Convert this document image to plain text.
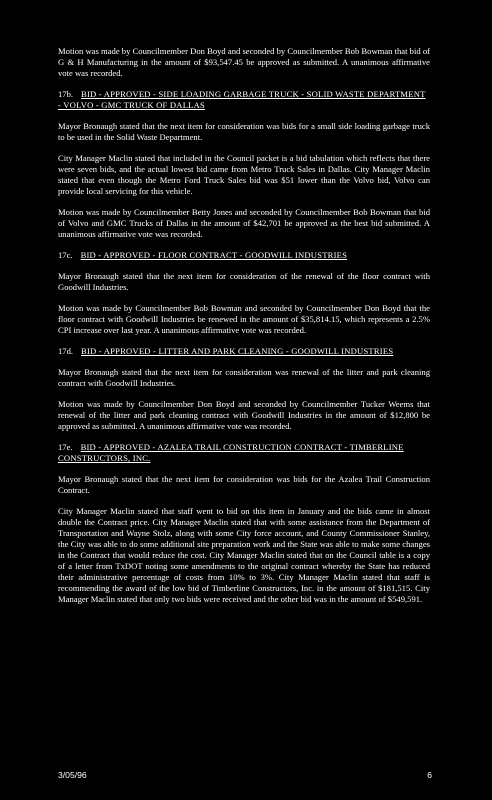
Motion was made by Councilmember Don Boyd and seconded by Councilmember Bob Bowman that bid of G & H Manufacturing in the amount of $93,547.45 be approved as submitted. A unanimous affirmative vote was recorded.

17b. BID - APPROVED - SIDE LOADING GARBAGE TRUCK - SOLID WASTE DEPARTMENT - VOLVO - GMC TRUCK OF DALLAS

Mayor Bronaugh stated that the next item for consideration was bids for a small side loading garbage truck to be used in the Solid Waste Department.

City Manager Maclin stated that included in the Council packet is a bid tabulation which reflects that there were seven bids, and the actual lowest bid came from Metro Truck Sales in Dallas. City Manager Maclin stated that even though the Metro Ford Truck Sales bid was $51 lower than the Volvo bid, Volvo can provide local servicing for this vehicle.

Motion was made by Councilmember Betty Jones and seconded by Councilmember Bob Bowman that bid of Volvo and GMC Trucks of Dallas in the amount of $42,701 be approved as the best bid submitted. A unanimous affirmative vote was recorded.

17c. BID - APPROVED - FLOOR CONTRACT - GOODWILL INDUSTRIES

Mayor Bronaugh stated that the next item for consideration of the renewal of the floor contract with Goodwill Industries.

Motion was made by Councilmember Bob Bowman and seconded by Councilmember Don Boyd that the floor contract with Goodwill Industries be renewed in the amount of $35,814.15, which represents a 2.5% CPI increase over last year. A unanimous affirmative vote was recorded.

17d. BID - APPROVED - LITTER AND PARK CLEANING - GOODWILL INDUSTRIES

Mayor Bronaugh stated that the next item for consideration was renewal of the litter and park cleaning contract with Goodwill Industries.

Motion was made by Councilmember Don Boyd and seconded by Councilmember Tucker Weems that renewal of the litter and park cleaning contract with Goodwill Industries in the amount of $12,800 be approved as submitted. A unanimous affirmative vote was recorded.

17e. BID - APPROVED - AZALEA TRAIL CONSTRUCTION CONTRACT - TIMBERLINE CONSTRUCTORS, INC.

Mayor Bronaugh stated that the next item for consideration was bids for the Azalea Trail Construction Contract.

City Manager Maclin stated that staff went to bid on this item in January and the bids came in almost double the Contract price. City Manager Maclin stated that with some assistance from the Department of Transportation and Wayne Stolz, along with some City force account, and County Commissioner Stanley, the City was able to do some additional site preparation work and the State was able to make some changes in the Contract that would reduce the cost. City Manager Maclin stated that on the Council table is a copy of a letter from TxDOT noting some amendments to the original contract whereby the State has reduced their administrative percentage of costs from 10% to 3%. City Manager Maclin stated that staff is recommending the award of the low bid of Timberline Constructors, Inc. in the amount of $181,515. City Manager Maclin stated that only two bids were received and the other bid was in the amount of $549,591.

3/05/96	6
